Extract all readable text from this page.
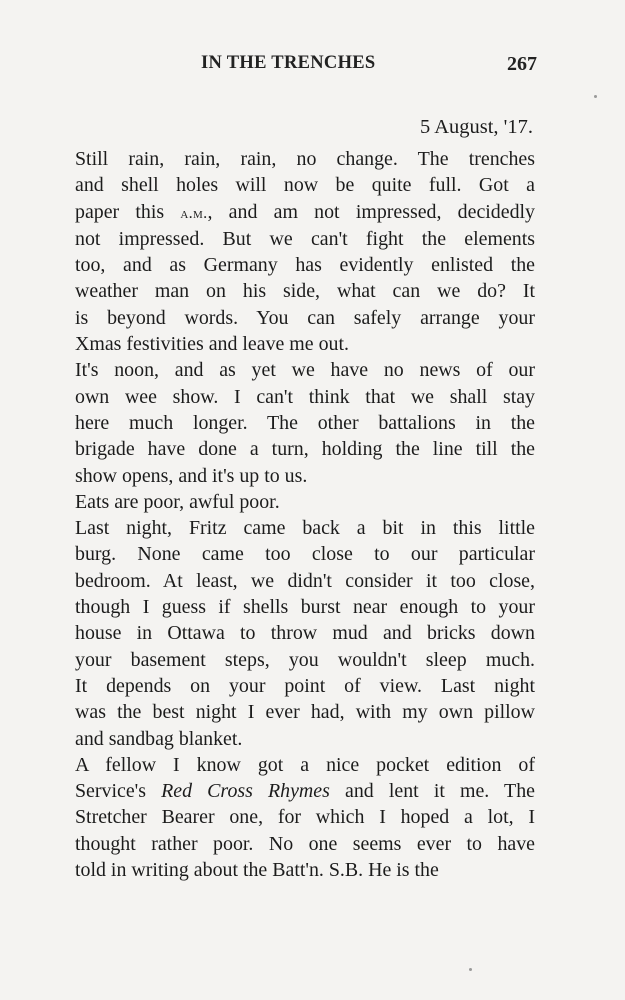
IN THE TRENCHES	267
5 August, '17.
Still rain, rain, rain, no change. The trenches
and shell holes will now be quite full. Got a
paper this a.m., and am not impressed, decidedly
not impressed. But we can't fight the elements
too, and as Germany has evidently enlisted the
weather man on his side, what can we do? It
is beyond words. You can safely arrange your
Xmas festivities and leave me out.
It's noon, and as yet we have no news of our
own wee show. I can't think that we shall stay
here much longer. The other battalions in the
brigade have done a turn, holding the line till the
show opens, and it's up to us.
Eats are poor, awful poor.
Last night, Fritz came back a bit in this little
burg. None came too close to our particular
bedroom. At least, we didn't consider it too close,
though I guess if shells burst near enough to your
house in Ottawa to throw mud and bricks down
your basement steps, you wouldn't sleep much.
It depends on your point of view. Last night
was the best night I ever had, with my own pillow
and sandbag blanket.
A fellow I know got a nice pocket edition of
Service's Red Cross Rhymes and lent it me. The
Stretcher Bearer one, for which I hoped a lot, I
thought rather poor. No one seems ever to have
told in writing about the Batt'n. S.B. He is the
